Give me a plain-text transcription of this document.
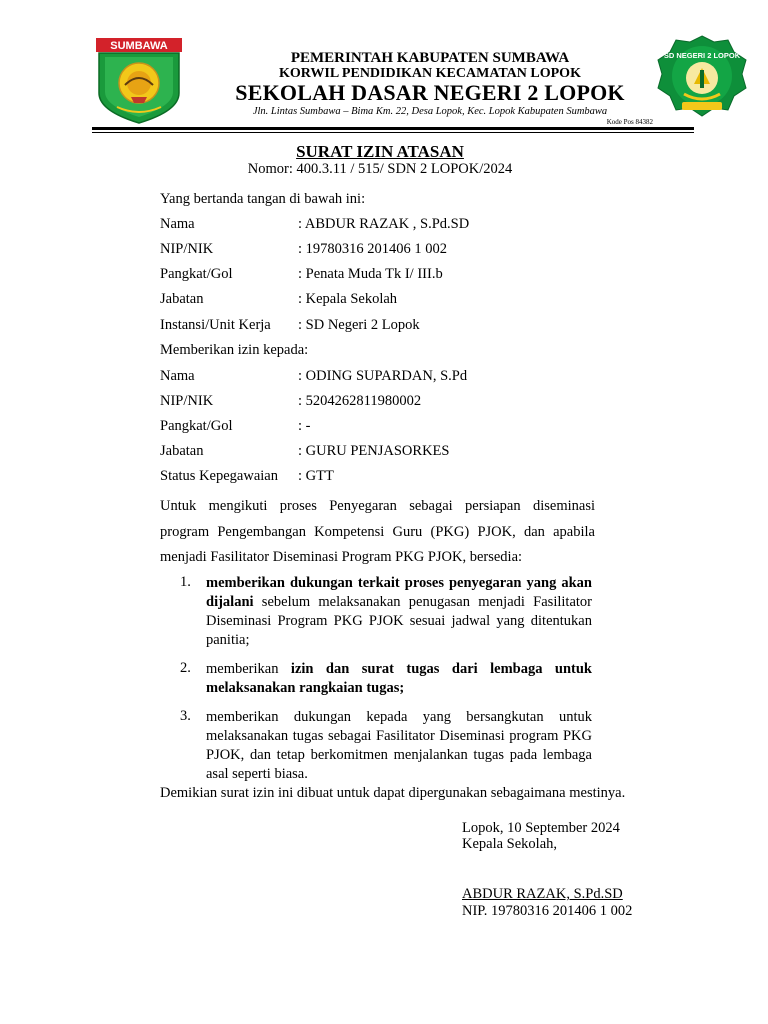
SUMBAWA
PEMERINTAH KABUPATEN SUMBAWA
KORWIL PENDIDIKAN KECAMATAN LOPOK
SEKOLAH DASAR NEGERI 2 LOPOK
Jln. Lintas Sumbawa – Bima Km. 22, Desa Lopok, Kec. Lopok Kabupaten Sumbawa
Kode Pos 84382
SD NEGERI 2 LOPOK
SURAT IZIN ATASAN
Nomor: 400.3.11 / 515/ SDN 2 LOPOK/2024
Yang bertanda tangan di bawah ini:
Nama	: ABDUR RAZAK , S.Pd.SD
NIP/NIK	: 19780316 201406 1 002
Pangkat/Gol	: Penata Muda Tk I/ III.b
Jabatan	: Kepala Sekolah
Instansi/Unit Kerja : SD Negeri 2 Lopok
Memberikan izin kepada:
Nama	: ODING SUPARDAN, S.Pd
NIP/NIK	: 5204262811980002
Pangkat/Gol	: -
Jabatan	: GURU PENJASORKES
Status Kepegawaian : GTT
Untuk mengikuti proses Penyegaran sebagai persiapan diseminasi program Pengembangan Kompetensi Guru (PKG) PJOK, dan apabila menjadi Fasilitator Diseminasi Program PKG PJOK, bersedia:
1. memberikan dukungan terkait proses penyegaran yang akan dijalani sebelum melaksanakan penugasan menjadi Fasilitator Diseminasi Program PKG PJOK sesuai jadwal yang ditentukan panitia;
2. memberikan izin dan surat tugas dari lembaga untuk melaksanakan rangkaian tugas;
3. memberikan dukungan kepada yang bersangkutan untuk melaksanakan tugas sebagai Fasilitator Diseminasi program PKG PJOK, dan tetap berkomitmen menjalankan tugas pada lembaga asal seperti biasa.
Demikian surat izin ini dibuat untuk dapat dipergunakan sebagaimana mestinya.
Lopok, 10 September 2024
Kepala Sekolah,
ABDUR RAZAK, S.Pd.SD
NIP. 19780316 201406 1 002
